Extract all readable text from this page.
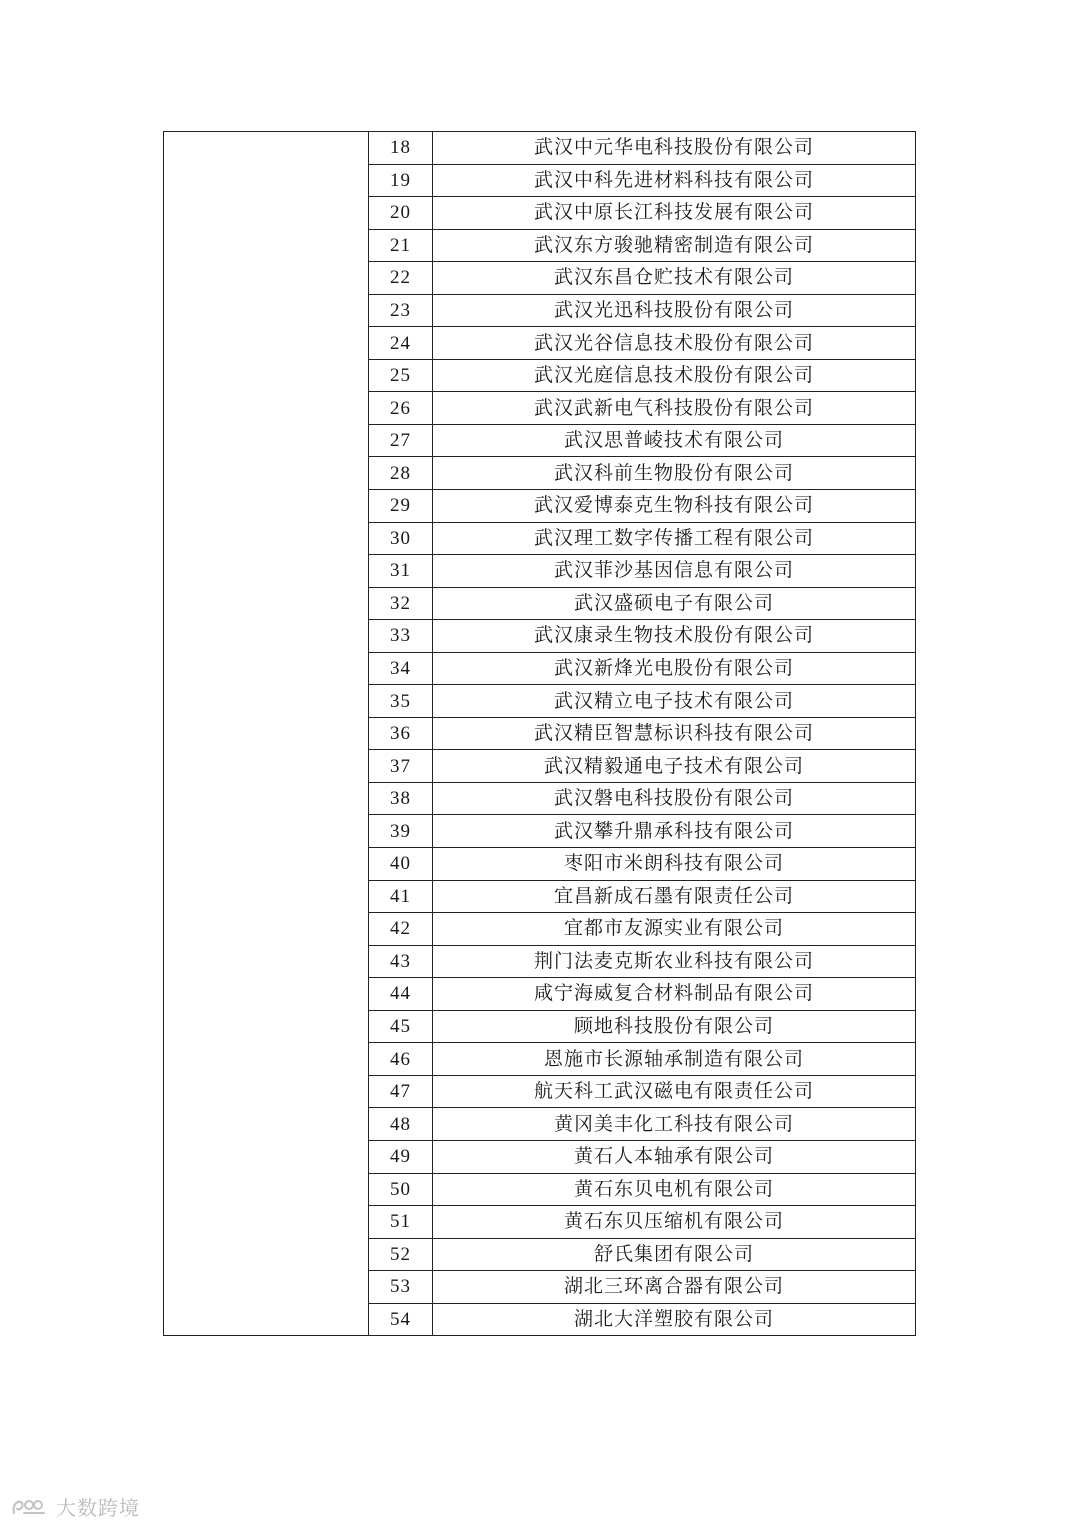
	18	武汉中元华电科技股份有限公司
	19	武汉中科先进材料科技有限公司
	20	武汉中原长江科技发展有限公司
	21	武汉东方骏驰精密制造有限公司
	22	武汉东昌仓贮技术有限公司
	23	武汉光迅科技股份有限公司
	24	武汉光谷信息技术股份有限公司
	25	武汉光庭信息技术股份有限公司
	26	武汉武新电气科技股份有限公司
	27	武汉思普崚技术有限公司
	28	武汉科前生物股份有限公司
	29	武汉爱博泰克生物科技有限公司
	30	武汉理工数字传播工程有限公司
	31	武汉菲沙基因信息有限公司
	32	武汉盛硕电子有限公司
	33	武汉康录生物技术股份有限公司
	34	武汉新烽光电股份有限公司
	35	武汉精立电子技术有限公司
	36	武汉精臣智慧标识科技有限公司
	37	武汉精毅通电子技术有限公司
	38	武汉磐电科技股份有限公司
	39	武汉攀升鼎承科技有限公司
	40	枣阳市米朗科技有限公司
	41	宜昌新成石墨有限责任公司
	42	宜都市友源实业有限公司
	43	荆门法麦克斯农业科技有限公司
	44	咸宁海威复合材料制品有限公司
	45	顾地科技股份有限公司
	46	恩施市长源轴承制造有限公司
	47	航天科工武汉磁电有限责任公司
	48	黄冈美丰化工科技有限公司
	49	黄石人本轴承有限公司
	50	黄石东贝电机有限公司
	51	黄石东贝压缩机有限公司
	52	舒氏集团有限公司
	53	湖北三环离合器有限公司
	54	湖北大洋塑胶有限公司
大数跨境
